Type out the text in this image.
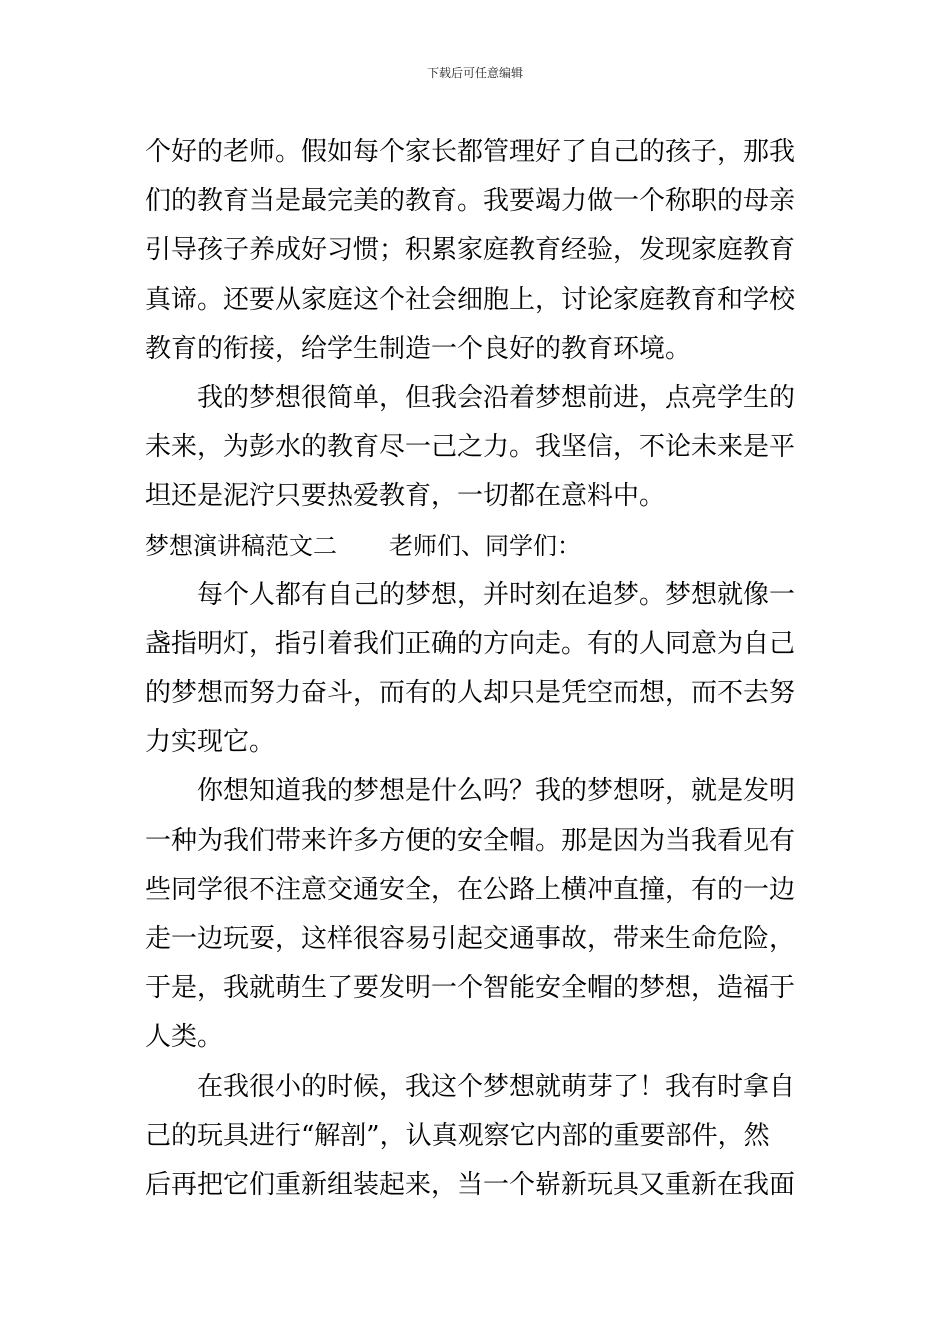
下载后可任意编辑
个好的老师。假如每个家长都管理好了自己的孩子，那我
们的教育当是最完美的教育。我要竭力做一个称职的母亲
引导孩子养成好习惯；积累家庭教育经验，发现家庭教育
真谛。还要从家庭这个社会细胞上，讨论家庭教育和学校
教育的衔接，给学生制造一个良好的教育环境。
我的梦想很简单，但我会沿着梦想前进，点亮学生的
未来，为彭水的教育尽一己之力。我坚信，不论未来是平
坦还是泥泞只要热爱教育，一切都在意料中。
梦想演讲稿范文二 老师们、同学们：
每个人都有自己的梦想，并时刻在追梦。梦想就像一
盏指明灯，指引着我们正确的方向走。有的人同意为自己
的梦想而努力奋斗，而有的人却只是凭空而想，而不去努
力实现它。
你想知道我的梦想是什么吗？我的梦想呀，就是发明
一种为我们带来许多方便的安全帽。那是因为当我看见有
些同学很不注意交通安全，在公路上横冲直撞，有的一边
走一边玩耍，这样很容易引起交通事故，带来生命危险，
于是，我就萌生了要发明一个智能安全帽的梦想，造福于
人类。
在我很小的时候，我这个梦想就萌芽了！我有时拿自
己的玩具进行“解剖”，认真观察它内部的重要部件，然
后再把它们重新组装起来，当一个崭新玩具又重新在我面
